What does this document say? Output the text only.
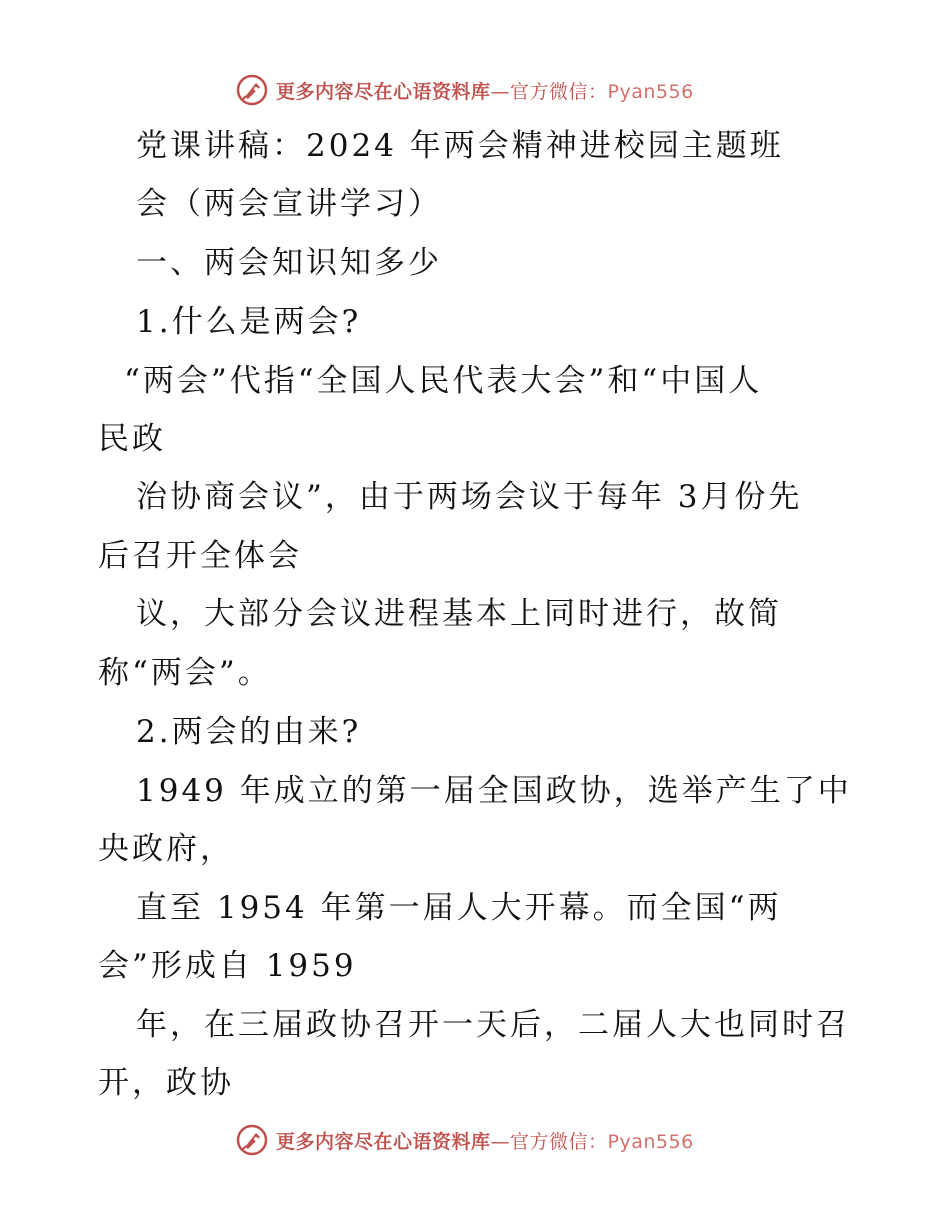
更多内容尽在心语资料库—官方微信：Pyan556
党课讲稿：2024 年两会精神进校园主题班
会（两会宣讲学习）
一、两会知识知多少
1.什么是两会?
“两会”代指“全国人民代表大会”和“中国人
民政
治协商会议”，由于两场会议于每年 3月份先
后召开全体会
议，大部分会议进程基本上同时进行，故简
称“两会”。
2.两会的由来?
1949 年成立的第一届全国政协，选举产生了中
央政府，
直至 1954 年第一届人大开幕。而全国“两
会”形成自 1959
年，在三届政协召开一天后，二届人大也同时召
开，政协
更多内容尽在心语资料库—官方微信：Pyan556
